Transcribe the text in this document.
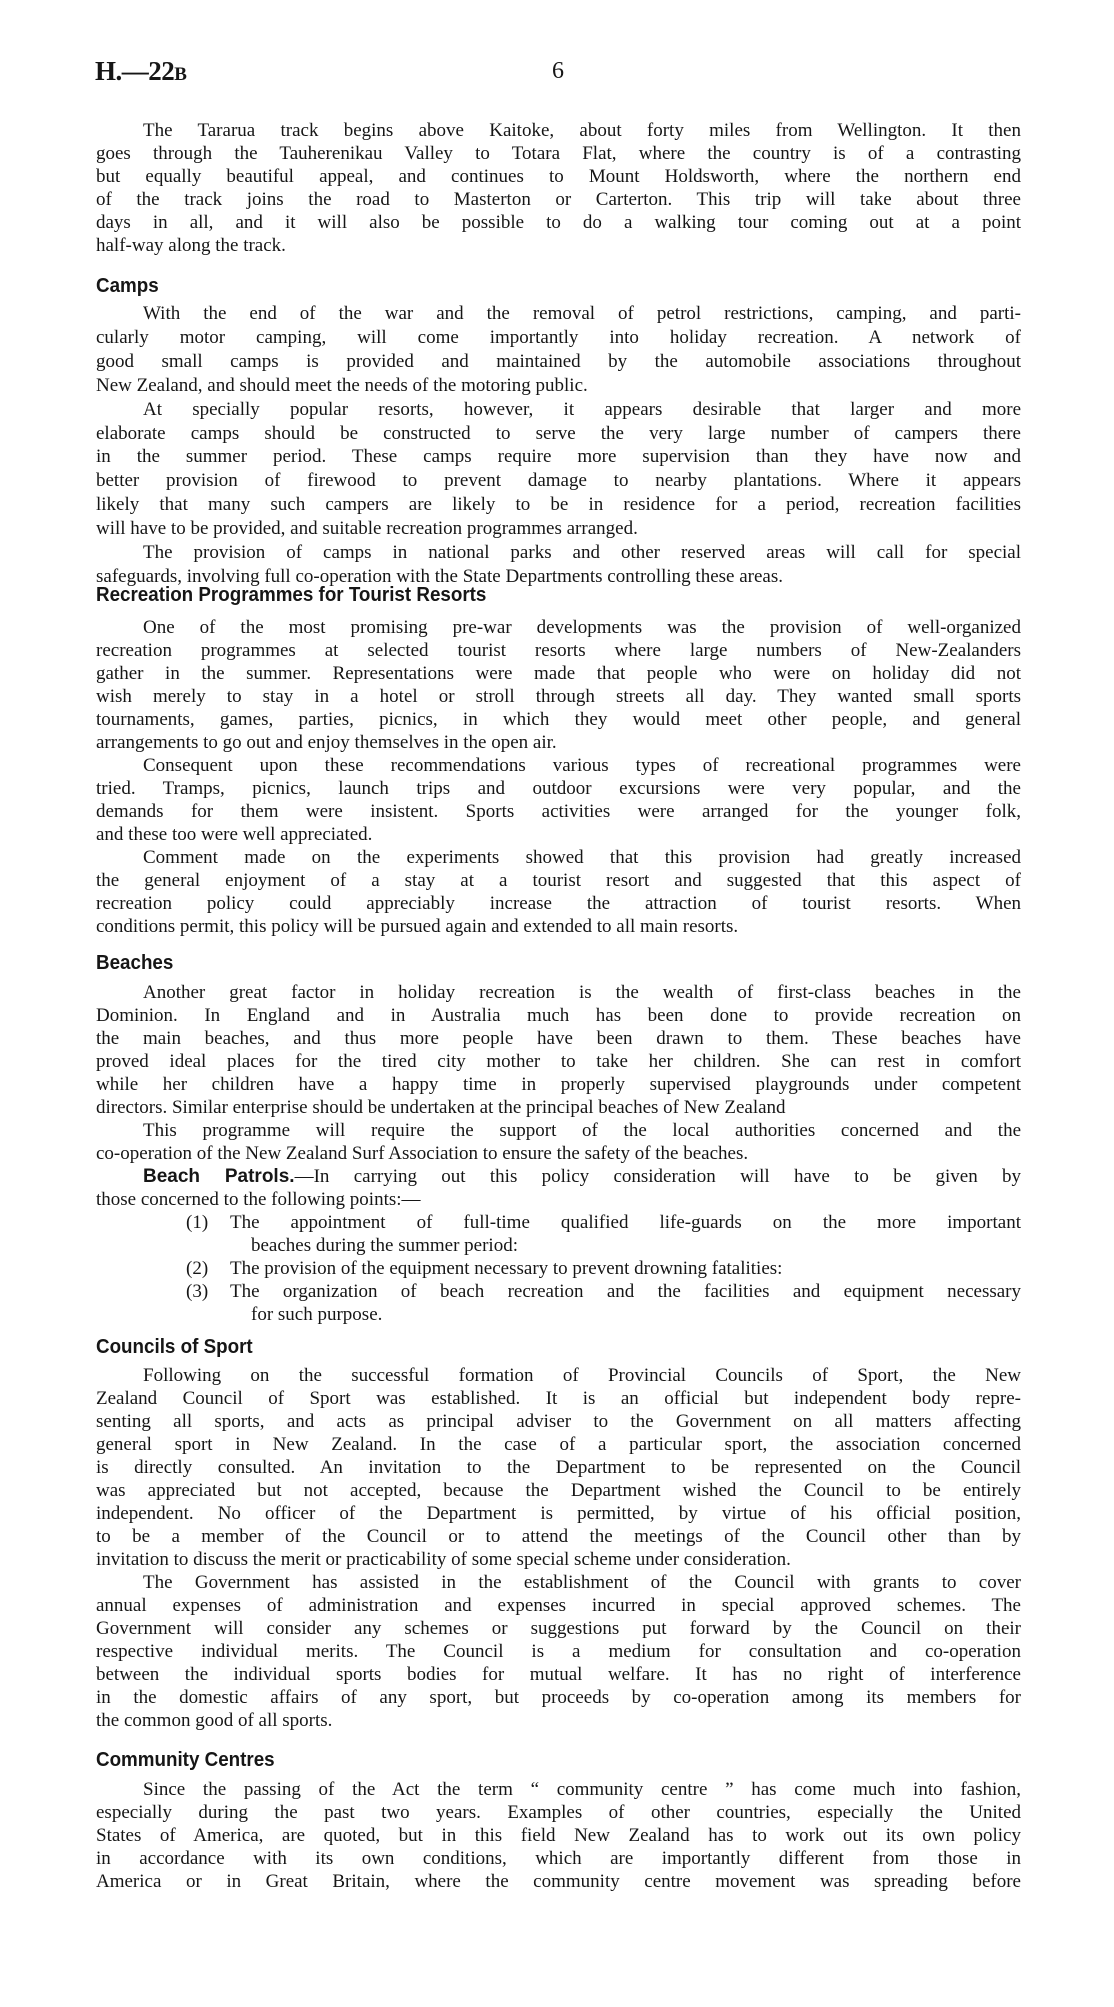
H.—22B	6
The Tararua track begins above Kaitoke, about forty miles from Wellington. It then
goes through the Tauherenikau Valley to Totara Flat, where the country is of a contrasting
but equally beautiful appeal, and continues to Mount Holdsworth, where the northern end
of the track joins the road to Masterton or Carterton. This trip will take about three
days in all, and it will also be possible to do a walking tour coming out at a point
half-way along the track.
Camps
With the end of the war and the removal of petrol restrictions, camping, and parti-
cularly motor camping, will come importantly into holiday recreation. A network of
good small camps is provided and maintained by the automobile associations throughout
New Zealand, and should meet the needs of the motoring public.
At specially popular resorts, however, it appears desirable that larger and more
elaborate camps should be constructed to serve the very large number of campers there
in the summer period. These camps require more supervision than they have now and
better provision of firewood to prevent damage to nearby plantations. Where it appears
likely that many such campers are likely to be in residence for a period, recreation facilities
will have to be provided, and suitable recreation programmes arranged.
The provision of camps in national parks and other reserved areas will call for special
safeguards, involving full co-operation with the State Departments controlling these areas.
Recreation Programmes for Tourist Resorts
One of the most promising pre-war developments was the provision of well-organized
recreation programmes at selected tourist resorts where large numbers of New-Zealanders
gather in the summer. Representations were made that people who were on holiday did not
wish merely to stay in a hotel or stroll through streets all day. They wanted small sports
tournaments, games, parties, picnics, in which they would meet other people, and general
arrangements to go out and enjoy themselves in the open air.
Consequent upon these recommendations various types of recreational programmes were
tried. Tramps, picnics, launch trips and outdoor excursions were very popular, and the
demands for them were insistent. Sports activities were arranged for the younger folk,
and these too were well appreciated.
Comment made on the experiments showed that this provision had greatly increased
the general enjoyment of a stay at a tourist resort and suggested that this aspect of
recreation policy could appreciably increase the attraction of tourist resorts. When
conditions permit, this policy will be pursued again and extended to all main resorts.
Beaches
Another great factor in holiday recreation is the wealth of first-class beaches in the
Dominion. In England and in Australia much has been done to provide recreation on
the main beaches, and thus more people have been drawn to them. These beaches have
proved ideal places for the tired city mother to take her children. She can rest in comfort
while her children have a happy time in properly supervised playgrounds under competent
directors. Similar enterprise should be undertaken at the principal beaches of New Zealand
This programme will require the support of the local authorities concerned and the
co-operation of the New Zealand Surf Association to ensure the safety of the beaches.
Beach Patrols.—In carrying out this policy consideration will have to be given by
those concerned to the following points:—
(1)	The appointment of full-time qualified life-guards on the more important
beaches during the summer period:
(2)	The provision of the equipment necessary to prevent drowning fatalities:
(3)	The organization of beach recreation and the facilities and equipment necessary
for such purpose.
Councils of Sport
Following on the successful formation of Provincial Councils of Sport, the New
Zealand Council of Sport was established. It is an official but independent body repre-
senting all sports, and acts as principal adviser to the Government on all matters affecting
general sport in New Zealand. In the case of a particular sport, the association concerned
is directly consulted. An invitation to the Department to be represented on the Council
was appreciated but not accepted, because the Department wished the Council to be entirely
independent. No officer of the Department is permitted, by virtue of his official position,
to be a member of the Council or to attend the meetings of the Council other than by
invitation to discuss the merit or practicability of some special scheme under consideration.
The Government has assisted in the establishment of the Council with grants to cover
annual expenses of administration and expenses incurred in special approved schemes. The
Government will consider any schemes or suggestions put forward by the Council on their
respective individual merits. The Council is a medium for consultation and co-operation
between the individual sports bodies for mutual welfare. It has no right of interference
in the domestic affairs of any sport, but proceeds by co-operation among its members for
the common good of all sports.
Community Centres
Since the passing of the Act the term “ community centre ” has come much into fashion,
especially during the past two years. Examples of other countries, especially the United
States of America, are quoted, but in this field New Zealand has to work out its own policy
in accordance with its own conditions, which are importantly different from those in
America or in Great Britain, where the community centre movement was spreading before
